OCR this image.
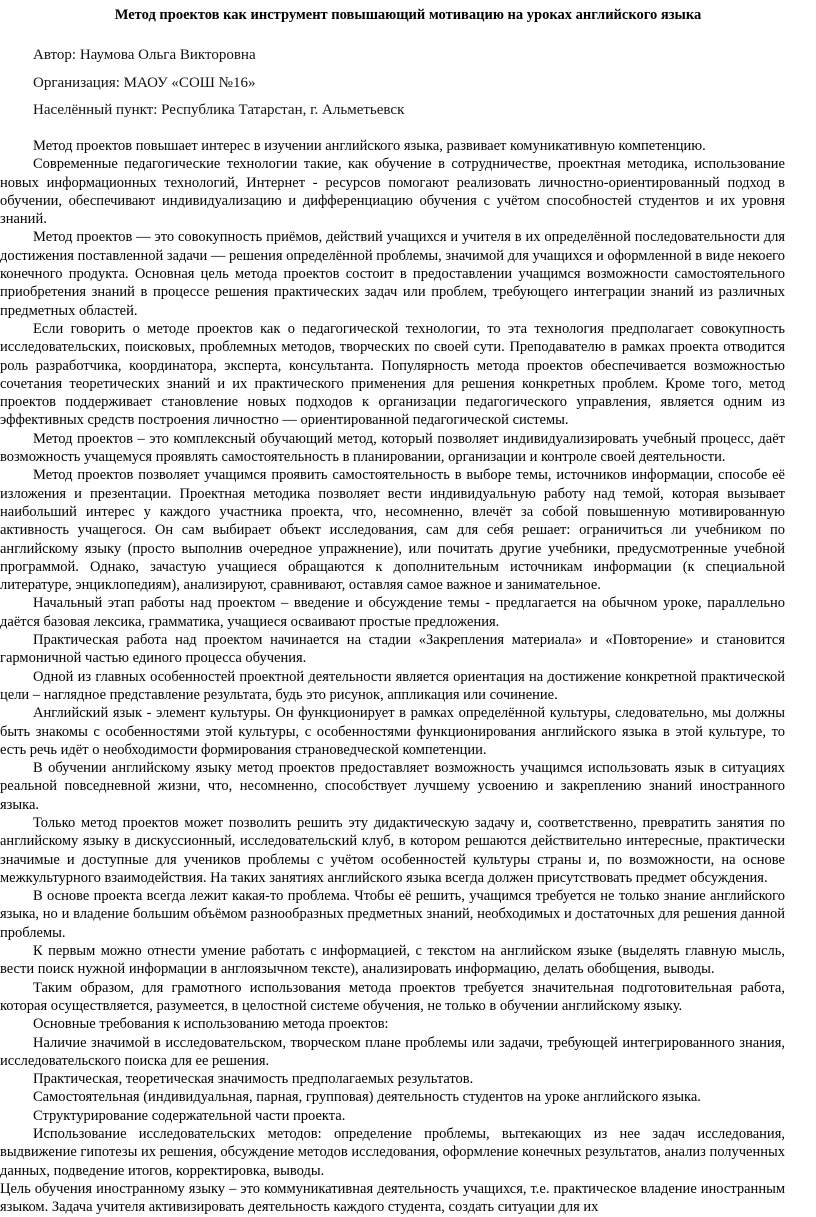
Метод проектов как инструмент повышающий мотивацию на уроках английского языка

Автор: Наумова Ольга Викторовна

Организация: МАОУ «СОШ №16»

Населённый пункт: Республика Татарстан, г. Альметьевск

Метод проектов повышает интерес в изучении английского языка, развивает комуникативную компетенцию.

Современные педагогические технологии такие, как обучение в сотрудничестве, проектная методика, использование новых информационных технологий, Интернет - ресурсов помогают реализовать личностно-ориентированный подход в обучении, обеспечивают индивидуализацию и дифференциацию обучения с учётом способностей студентов и их уровня знаний.

Метод проектов — это совокупность приёмов, действий учащихся и учителя в их определённой последовательности для достижения поставленной задачи — решения определённой проблемы, значимой для учащихся и оформленной в виде некоего конечного продукта. Основная цель метода проектов состоит в предоставлении учащимся возможности самостоятельного приобретения знаний в процессе решения практических задач или проблем, требующего интеграции знаний из различных предметных областей.

Если говорить о методе проектов как о педагогической технологии, то эта технология предполагает совокупность исследовательских, поисковых, проблемных методов, творческих по своей сути. Преподавателю в рамках проекта отводится роль разработчика, координатора, эксперта, консультанта. Популярность метода проектов обеспечивается возможностью сочетания теоретических знаний и их практического применения для решения конкретных проблем. Кроме того, метод проектов поддерживает становление новых подходов к организации педагогического управления, является одним из эффективных средств построения личностно — ориентированной педагогической системы.

Метод проектов – это комплексный обучающий метод, который позволяет индивидуализировать учебный процесс, даёт возможность учащемуся проявлять самостоятельность в планировании, организации и контроле своей деятельности.

Метод проектов позволяет учащимся проявить самостоятельность в выборе темы, источников информации, способе её изложения и презентации. Проектная методика позволяет вести индивидуальную работу над темой, которая вызывает наибольший интерес у каждого участника проекта, что, несомненно, влечёт за собой повышенную мотивированную активность учащегося. Он сам выбирает объект исследования, сам для себя решает: ограничиться ли учебником по английскому языку (просто выполнив очередное упражнение), или почитать другие учебники, предусмотренные учебной программой. Однако, зачастую учащиеся обращаются к дополнительным источникам информации (к специальной литературе, энциклопедиям), анализируют, сравнивают, оставляя самое важное и занимательное.

Начальный этап работы над проектом – введение и обсуждение темы - предлагается на обычном уроке, параллельно даётся базовая лексика, грамматика, учащиеся осваивают простые предложения.

Практическая работа над проектом начинается на стадии «Закрепления материала» и «Повторение» и становится гармоничной частью единого процесса обучения.

Одной из главных особенностей проектной деятельности является ориентация на достижение конкретной практической цели – наглядное представление результата, будь это рисунок, аппликация или сочинение.

Английский язык - элемент культуры. Он функционирует в рамках определённой культуры, следовательно, мы должны быть знакомы с особенностями этой культуры, с особенностями функционирования английского языка в этой культуре, то есть речь идёт о необходимости формирования страноведческой компетенции.

В обучении английскому языку метод проектов предоставляет возможность учащимся использовать язык в ситуациях реальной повседневной жизни, что, несомненно, способствует лучшему усвоению и закреплению знаний иностранного языка.

Только метод проектов может позволить решить эту дидактическую задачу и, соответственно, превратить занятия по английскому языку в дискуссионный, исследовательский клуб, в котором решаются действительно интересные, практически значимые и доступные для учеников проблемы с учётом особенностей культуры страны и, по возможности, на основе межкультурного взаимодействия. На таких занятиях английского языка всегда должен присутствовать предмет обсуждения.

В основе проекта всегда лежит какая-то проблема. Чтобы её решить, учащимся требуется не только знание английского языка, но и владение большим объёмом разнообразных предметных знаний, необходимых и достаточных для решения данной проблемы.

К первым можно отнести умение работать с информацией, с текстом на английском языке (выделять главную мысль, вести поиск нужной информации в англоязычном тексте), анализировать информацию, делать обобщения, выводы.

Таким образом, для грамотного использования метода проектов требуется значительная подготовительная работа, которая осуществляется, разумеется, в целостной системе обучения, не только в обучении английскому языку.

Основные требования к использованию метода проектов:

Наличие значимой в исследовательском, творческом плане проблемы или задачи, требующей интегрированного знания, исследовательского поиска для ее решения.

Практическая, теоретическая значимость предполагаемых результатов.

Самостоятельная (индивидуальная, парная, групповая) деятельность студентов на уроке английского языка.

Структурирование содержательной части проекта.

Использование исследовательских методов: определение проблемы, вытекающих из нее задач исследования, выдвижение гипотезы их решения, обсуждение методов исследования, оформление конечных результатов, анализ полученных данных, подведение итогов, корректировка, выводы.

Цель обучения иностранному языку – это коммуникативная деятельность учащихся, т.е. практическое владение иностранным языком. Задача учителя активизировать деятельность каждого студента, создать ситуации для их
